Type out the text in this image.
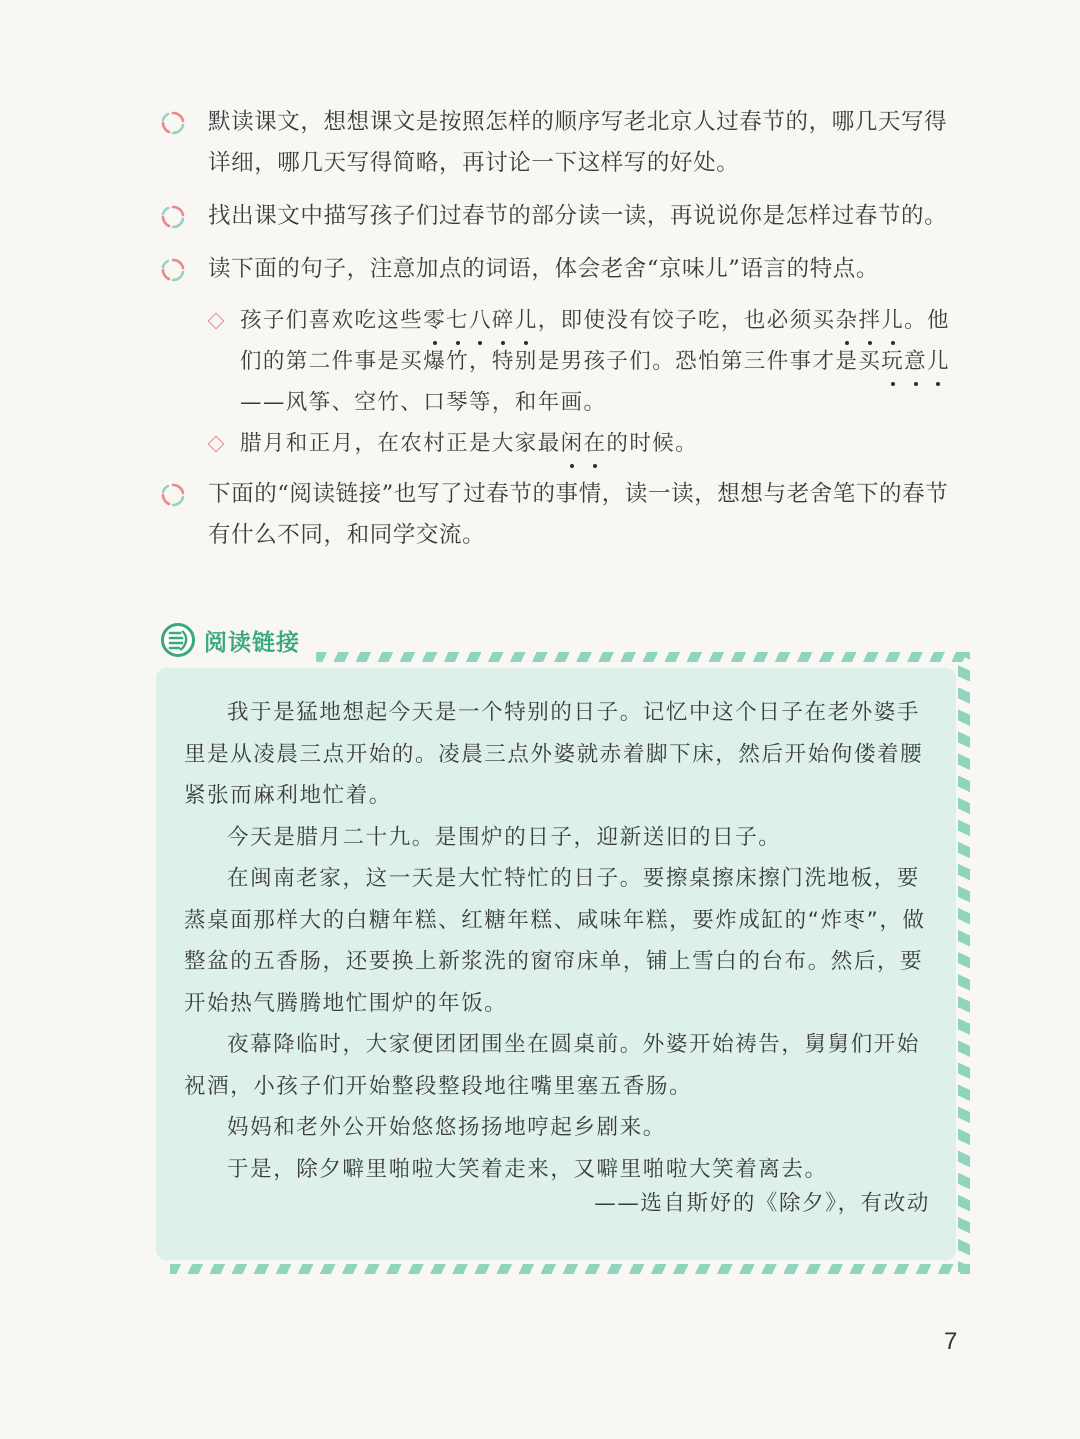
默读课文，想想课文是按照怎样的顺序写老北京人过春节的，哪几天写得详细，哪几天写得简略，再讨论一下这样写的好处。

找出课文中描写孩子们过春节的部分读一读，再说说你是怎样过春节的。

读下面的句子，注意加点的词语，体会老舍“京味儿”语言的特点。

孩子们喜欢吃这些零七八碎儿，即使没有饺子吃，也必须买杂拌儿。他们的第二件事是买爆竹，特别是男孩子们。恐怕第三件事才是买玩意儿——风筝、空竹、口琴等，和年画。

腊月和正月，在农村正是大家最闲在的时候。

下面的“阅读链接”也写了过春节的事情，读一读，想想与老舍笔下的春节有什么不同，和同学交流。

阅读链接

我于是猛地想起今天是一个特别的日子。记忆中这个日子在老外婆手里是从凌晨三点开始的。凌晨三点外婆就赤着脚下床，然后开始佝偻着腰紧张而麻利地忙着。

今天是腊月二十九。是围炉的日子，迎新送旧的日子。

在闽南老家，这一天是大忙特忙的日子。要擦桌擦床擦门洗地板，要蒸桌面那样大的白糖年糕、红糖年糕、咸味年糕，要炸成缸的“炸枣”，做整盆的五香肠，还要换上新浆洗的窗帘床单，铺上雪白的台布。然后，要开始热气腾腾地忙围炉的年饭。

夜幕降临时，大家便团团围坐在圆桌前。外婆开始祷告，舅舅们开始祝酒，小孩子们开始整段整段地往嘴里塞五香肠。

妈妈和老外公开始悠悠扬扬地哼起乡剧来。

于是，除夕噼里啪啦大笑着走来，又噼里啪啦大笑着离去。

——选自斯妤的《除夕》，有改动
7
